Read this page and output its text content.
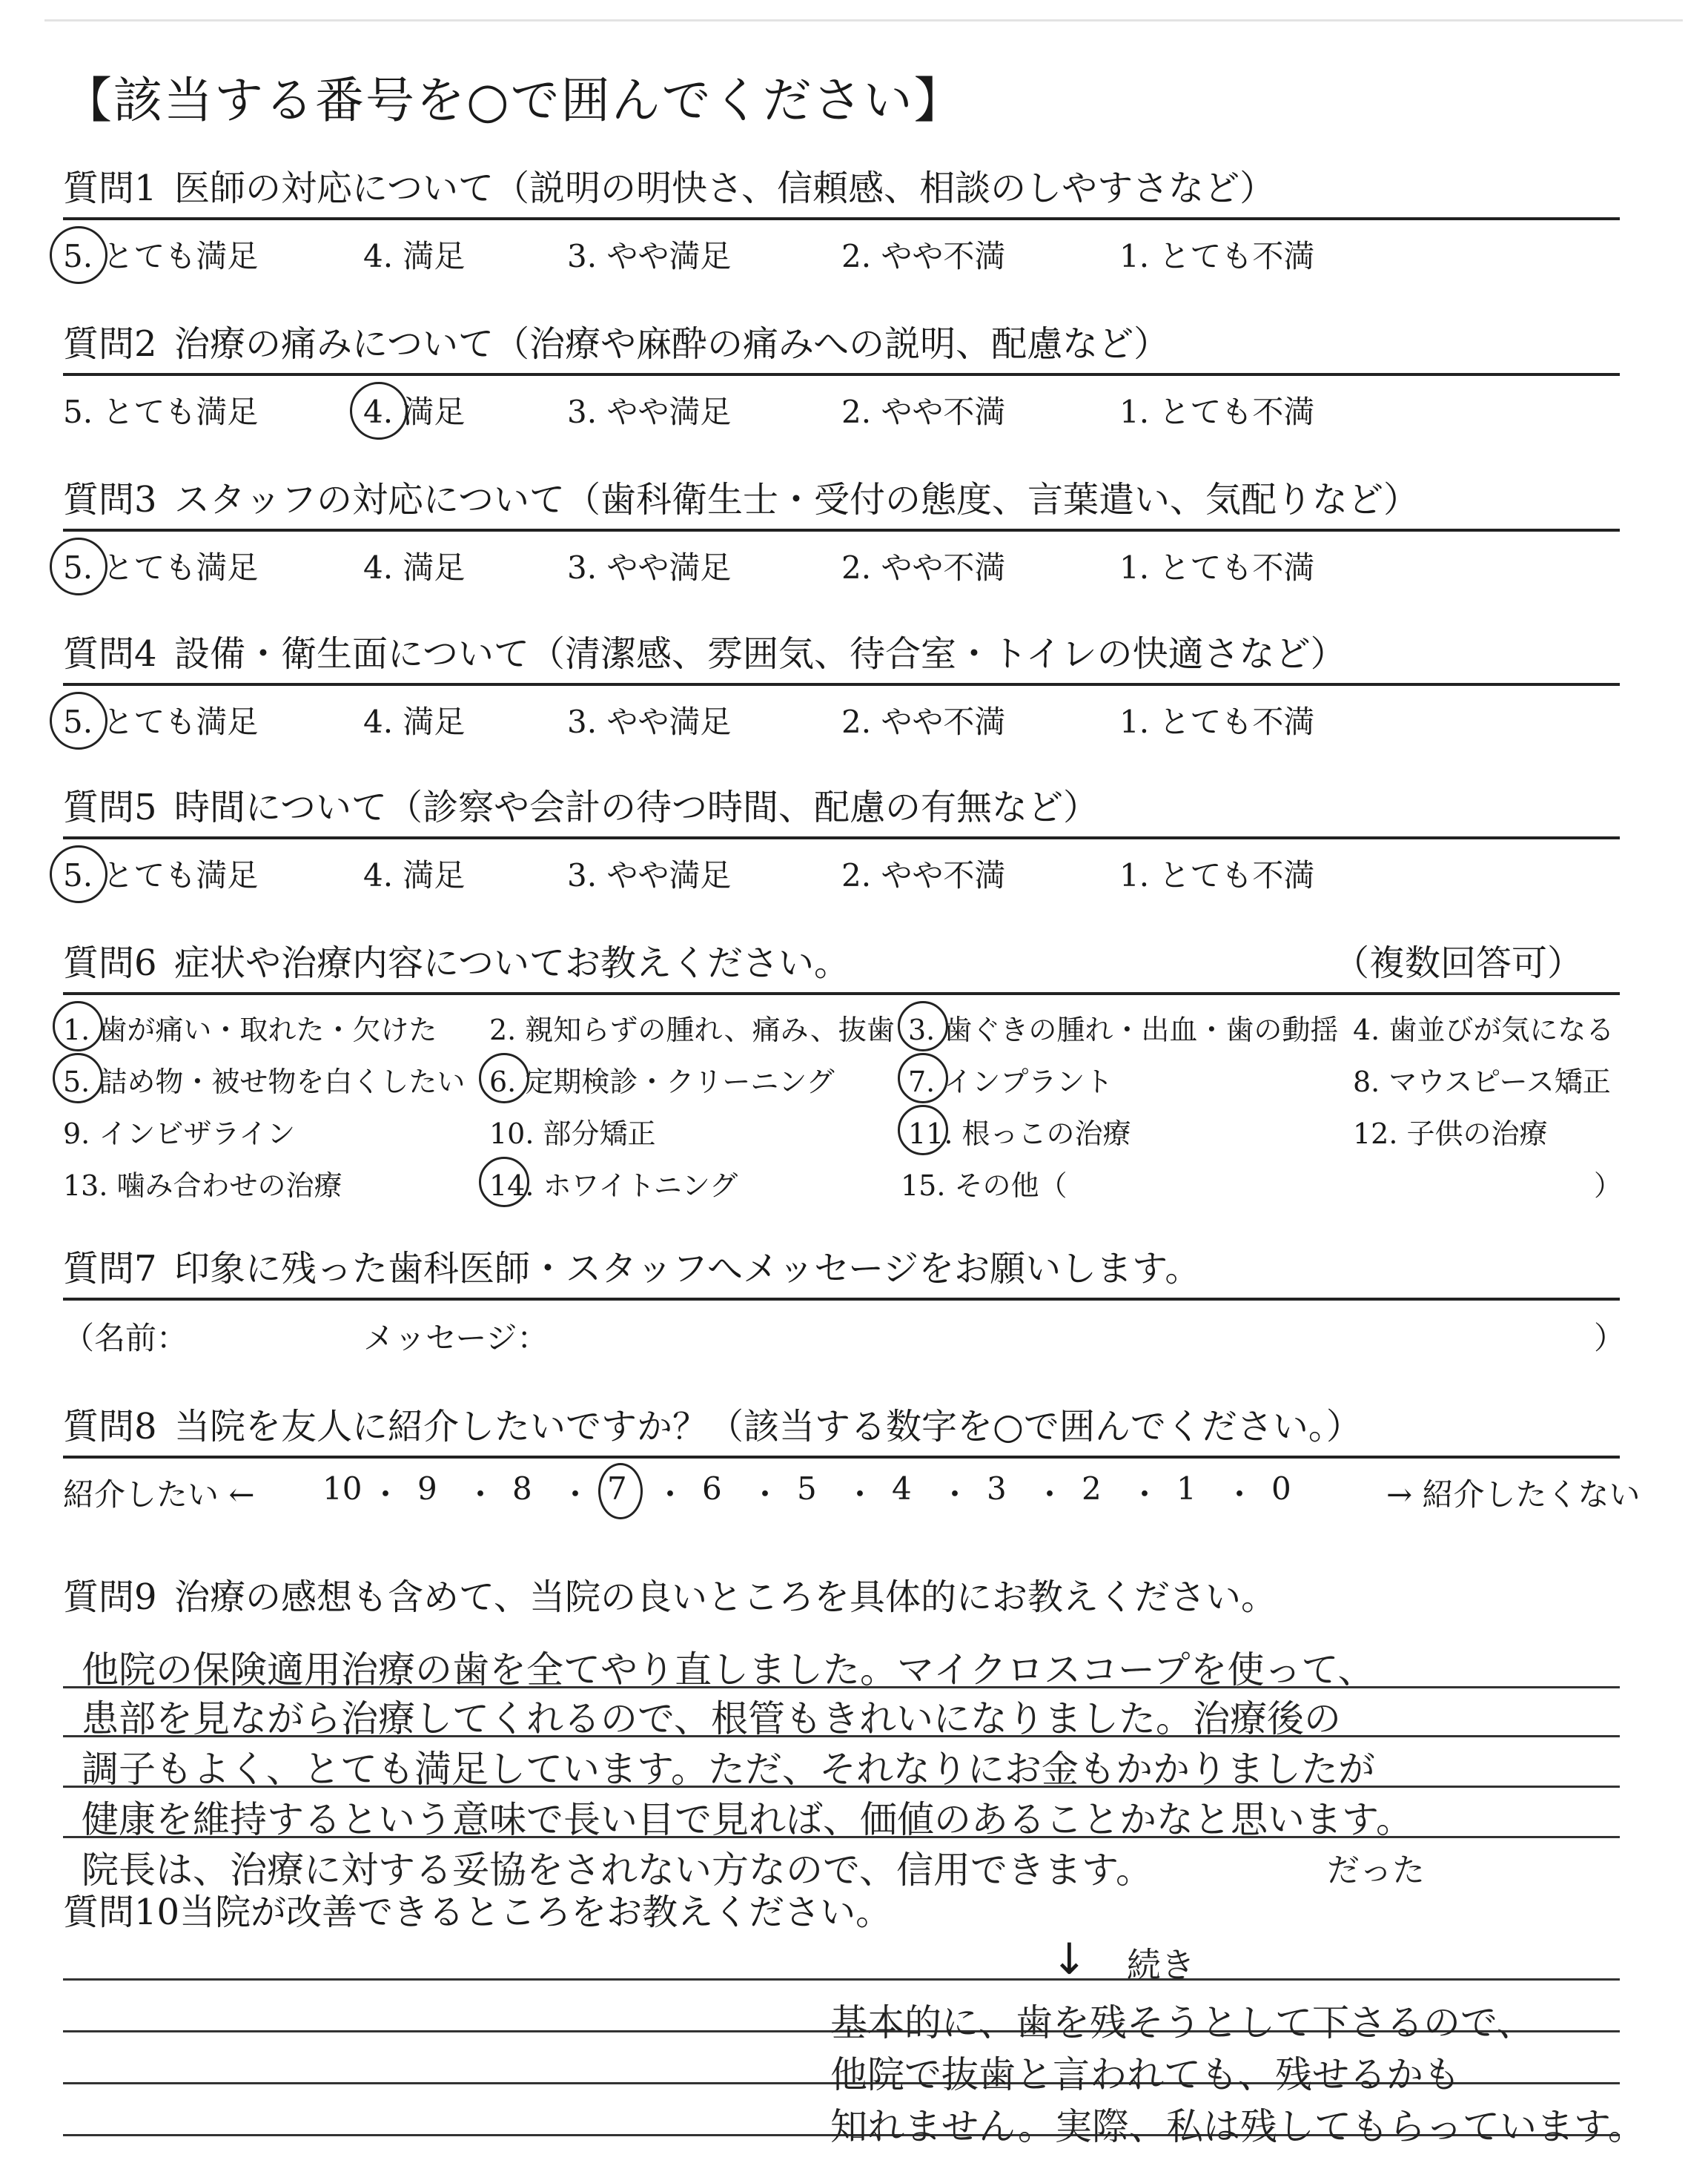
【該当する番号を○で囲んでください】
質問1 医師の対応について（説明の明快さ、信頼感、相談のしやすさなど）
5. とても満足	4. 満足	3. やや満足	2. やや不満	1. とても不満
質問2 治療の痛みについて（治療や麻酔の痛みへの説明、配慮など）
5. とても満足	4. 満足	3. やや満足	2. やや不満	1. とても不満
質問3 スタッフの対応について（歯科衛生士・受付の態度、言葉遣い、気配りなど）
5. とても満足	4. 満足	3. やや満足	2. やや不満	1. とても不満
質問4 設備・衛生面について（清潔感、雰囲気、待合室・トイレの快適さなど）
5. とても満足	4. 満足	3. やや満足	2. やや不満	1. とても不満
質問5 時間について（診察や会計の待つ時間、配慮の有無など）
5. とても満足	4. 満足	3. やや満足	2. やや不満	1. とても不満
質問6 症状や治療内容についてお教えください。	（複数回答可）
1. 歯が痛い・取れた・欠けた 2. 親知らずの腫れ、痛み、抜歯 3. 歯ぐきの腫れ・出血・歯の動揺 4. 歯並びが気になる
5. 詰め物・被せ物を白くしたい 6. 定期検診・クリーニング	7. インプラント	8. マウスピース矯正
9. インビザライン	10. 部分矯正	11. 根っこの治療	12. 子供の治療
13. 噛み合わせの治療	14. ホワイトニング	15. その他（	）
質問7 印象に残った歯科医師・スタッフへメッセージをお願いします。
（名前：	メッセージ：	）
質問8 当院を友人に紹介したいですか？（該当する数字を○で囲んでください。）
紹介したい ←	→ 紹介したくない
10 ・ 9 ・ 8 ・ 7 ・ 6 ・ 5 ・ 4 ・ 3 ・ 2 ・ 1 ・ 0
質問9 治療の感想も含めて、当院の良いところを具体的にお教えください。
他院の保険適用治療の歯を全てやり直しました。マイクロスコープを使って、
患部を見ながら治療してくれるので、根管もきれいになりました。治療後の
調子もよく、とても満足しています。ただ、それなりにお金もかかりましたが
健康を維持するという意味で長い目で見れば、価値のあることかなと思います。
院長は、治療に対する妥協をされない方なので、信用できます。	だった
質問10当院が改善できるところをお教えください。
基本的に、歯を残そうとして下さるので、
他院で抜歯と言われても、残せるかも
知れません。実際、私は残してもらっています。
↓ 続き
